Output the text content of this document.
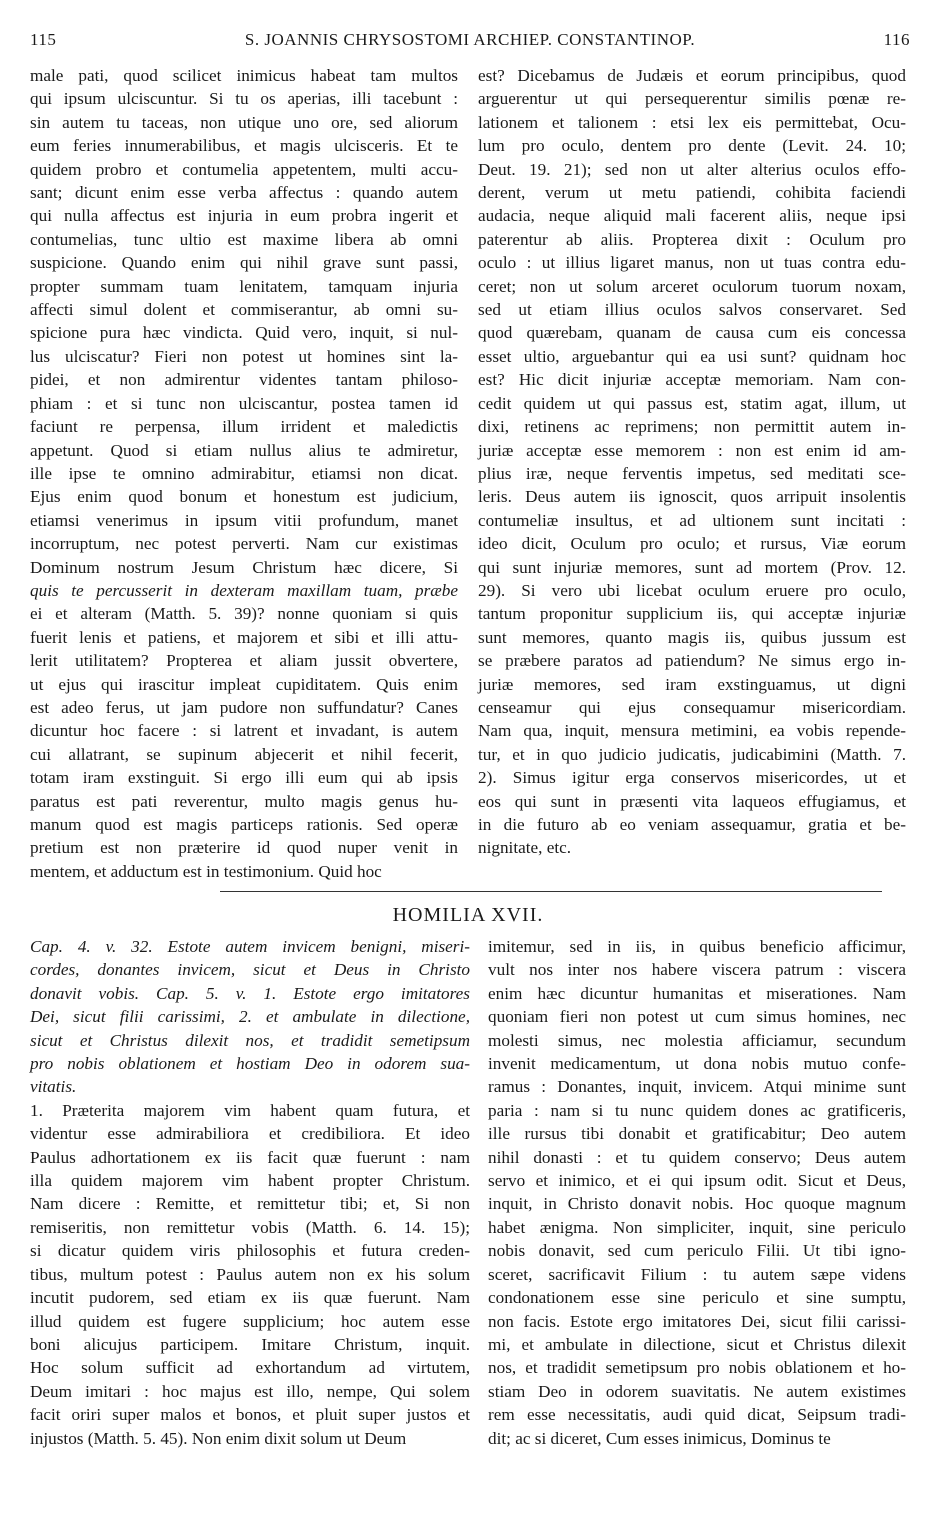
115	S. JOANNIS CHRYSOSTOMI ARCHIEP. CONSTANTINOP.	116
male pati, quod scilicet inimicus habeat tam multos
qui ipsum ulciscuntur. Si tu os aperias, illi tacebunt :
sin autem tu taceas, non utique uno ore, sed aliorum
eum feries innumerabilibus, et magis ulcisceris. Et te
quidem probro et contumelia appetentem, multi accu-
sant; dicunt enim esse verba affectus : quando autem
qui nulla affectus est injuria in eum probra ingerit et
contumelias, tunc ultio est maxime libera ab omni
suspicione. Quando enim qui nihil grave sunt passi,
propter summam tuam lenitatem, tamquam injuria
affecti simul dolent et commiserantur, ab omni su-
spicione pura hæc vindicta. Quid vero, inquit, si nul-
lus ulciscatur? Fieri non potest ut homines sint la-
pidei, et non admirentur videntes tantam philoso-
phiam : et si tunc non ulciscantur, postea tamen id
faciunt re perpensa, illum irrident et maledictis
appetunt. Quod si etiam nullus alius te admiretur,
ille ipse te omnino admirabitur, etiamsi non dicat.
Ejus enim quod bonum et honestum est judicium,
etiamsi venerimus in ipsum vitii profundum, manet
incorruptum, nec potest perverti. Nam cur existimas
Dominum nostrum Jesum Christum hæc dicere, Si
quis te percusserit in dexteram maxillam tuam, præbe
ei et alteram (Matth. 5. 39)? nonne quoniam si quis
fuerit lenis et patiens, et majorem et sibi et illi attu-
lerit utilitatem? Propterea et aliam jussit obvertere,
ut ejus qui irascitur impleat cupiditatem. Quis enim
est adeo ferus, ut jam pudore non suffundatur? Canes
dicuntur hoc facere : si latrent et invadant, is autem
cui allatrant, se supinum abjecerit et nihil fecerit,
totam iram exstinguit. Si ergo illi eum qui ab ipsis
paratus est pati reverentur, multo magis genus hu-
manum quod est magis particeps rationis. Sed operæ
pretium est non præterire id quod nuper venit in
mentem, et adductum est in testimonium. Quid hoc
est? Dicebamus de Judæis et eorum principibus, quod
arguerentur ut qui persequerentur similis pœnæ re-
lationem et talionem : etsi lex eis permittebat, Ocu-
lum pro oculo, dentem pro dente (Levit. 24. 10;
Deut. 19. 21); sed non ut alter alterius oculos effo-
derent, verum ut metu patiendi, cohibita faciendi
audacia, neque aliquid mali facerent aliis, neque ipsi
paterentur ab aliis. Propterea dixit : Oculum pro
oculo : ut illius ligaret manus, non ut tuas contra edu-
ceret; non ut solum arceret oculorum tuorum noxam,
sed ut etiam illius oculos salvos conservaret. Sed
quod quærebam, quanam de causa cum eis concessa
esset ultio, arguebantur qui ea usi sunt? quidnam hoc
est? Hic dicit injuriæ acceptæ memoriam. Nam con-
cedit quidem ut qui passus est, statim agat, illum, ut
dixi, retinens ac reprimens; non permittit autem in-
juriæ acceptæ esse memorem : non est enim id am-
plius iræ, neque ferventis impetus, sed meditati sce-
leris. Deus autem iis ignoscit, quos arripuit insolentis
contumeliæ insultus, et ad ultionem sunt incitati :
ideo dicit, Oculum pro oculo; et rursus, Viæ eorum
qui sunt injuriæ memores, sunt ad mortem (Prov. 12.
29). Si vero ubi licebat oculum eruere pro oculo,
tantum proponitur supplicium iis, qui acceptæ injuriæ
sunt memores, quanto magis iis, quibus jussum est
se præbere paratos ad patiendum? Ne simus ergo in-
juriæ memores, sed iram exstinguamus, ut digni
censeamur qui ejus consequamur misericordiam.
Nam qua, inquit, mensura metimini, ea vobis repende-
tur, et in quo judicio judicatis, judicabimini (Matth. 7.
2). Simus igitur erga conservos misericordes, ut et
eos qui sunt in præsenti vita laqueos effugiamus, et
in die futuro ab eo veniam assequamur, gratia et be-
nignitate, etc.
HOMILIA XVII.
Cap. 4. v. 32. Estote autem invicem benigni, miseri-
cordes, donantes invicem, sicut et Deus in Christo
donavit vobis. Cap. 5. v. 1. Estote ergo imitatores
Dei, sicut filii carissimi, 2. et ambulate in dilectione,
sicut et Christus dilexit nos, et tradidit semetipsum
pro nobis oblationem et hostiam Deo in odorem sua-
vitatis.
1. Præterita majorem vim habent quam futura, et
videntur esse admirabiliora et credibiliora. Et ideo
Paulus adhortationem ex iis facit quæ fuerunt : nam
illa quidem majorem vim habent propter Christum.
Nam dicere : Remitte, et remittetur tibi; et, Si non
remiseritis, non remittetur vobis (Matth. 6. 14. 15);
si dicatur quidem viris philosophis et futura creden-
tibus, multum potest : Paulus autem non ex his solum
incutit pudorem, sed etiam ex iis quæ fuerunt. Nam
illud quidem est fugere supplicium; hoc autem esse
boni alicujus participem. Imitare Christum, inquit.
Hoc solum sufficit ad exhortandum ad virtutem,
Deum imitari : hoc majus est illo, nempe, Qui solem
facit oriri super malos et bonos, et pluit super justos et
injustos (Matth. 5. 45). Non enim dixit solum ut Deum
imitemur, sed in iis, in quibus beneficio afficimur,
vult nos inter nos habere viscera patrum : viscera
enim hæc dicuntur humanitas et miserationes. Nam
quoniam fieri non potest ut cum simus homines, nec
molesti simus, nec molestia afficiamur, secundum
invenit medicamentum, ut dona nobis mutuo confe-
ramus : Donantes, inquit, invicem. Atqui minime sunt
paria : nam si tu nunc quidem dones ac gratificeris,
ille rursus tibi donabit et gratificabitur; Deo autem
nihil donasti : et tu quidem conservo; Deus autem
servo et inimico, et ei qui ipsum odit. Sicut et Deus,
inquit, in Christo donavit nobis. Hoc quoque magnum
habet ænigma. Non simpliciter, inquit, sine periculo
nobis donavit, sed cum periculo Filii. Ut tibi igno-
sceret, sacrificavit Filium : tu autem sæpe videns
condonationem esse sine periculo et sine sumptu,
non facis. Estote ergo imitatores Dei, sicut filii carissi-
mi, et ambulate in dilectione, sicut et Christus dilexit
nos, et tradidit semetipsum pro nobis oblationem et ho-
stiam Deo in odorem suavitatis. Ne autem existimes
rem esse necessitatis, audi quid dicat, Seipsum tradi-
dit; ac si diceret, Cum esses inimicus, Dominus te
